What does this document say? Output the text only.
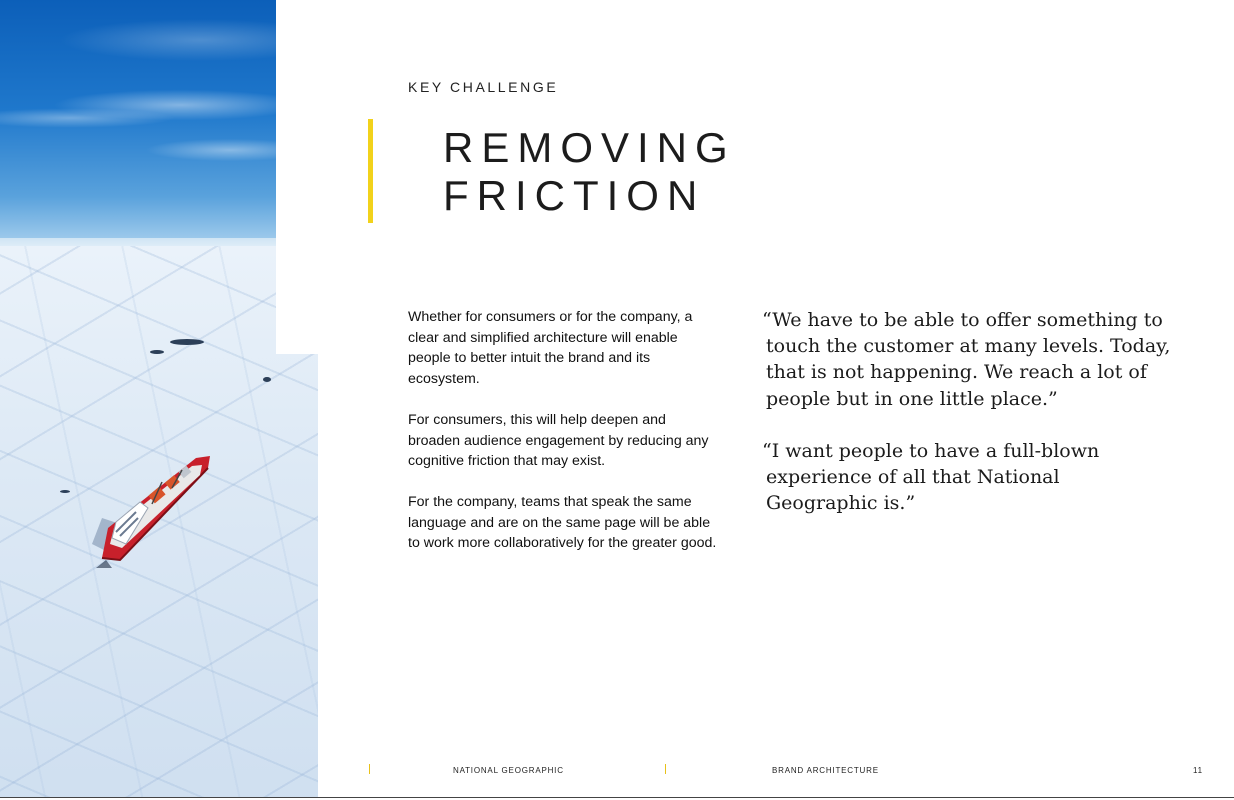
KEY CHALLENGE

REMOVING
FRICTION

Whether for consumers or for the company, a clear and simplified architecture will enable people to better intuit the brand and its ecosystem.

For consumers, this will help deepen and broaden audience engagement by reducing any cognitive friction that may exist.

For the company, teams that speak the same language and are on the same page will be able to work more collaboratively for the greater good.

“We have to be able to offer something to touch the customer at many levels. Today, that is not happening. We reach a lot of people but in one little place.”

“I want people to have a full-blown experience of all that National Geographic is.”

NATIONAL GEOGRAPHIC	BRAND ARCHITECTURE	11
